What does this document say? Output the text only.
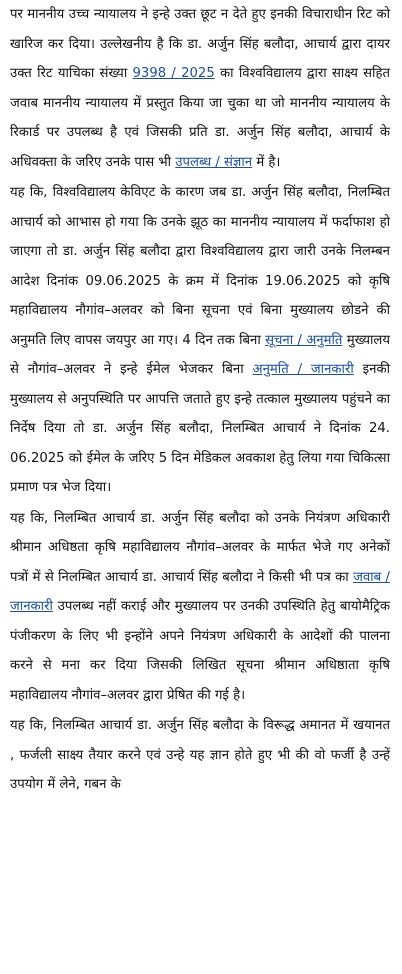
पर माननीय उच्च न्यायालय ने इन्हे उक्त छूट न देते हुए इनकी विचाराधीन रिट को खारिज कर दिया। उल्लेखनीय है कि डा. अर्जुन सिंह बलौदा, आचार्य द्वारा दायर उक्त रिट याचिका संख्या 9398 / 2025 का विश्वविद्यालय द्वारा साक्ष्य सहित जवाब माननीय न्यायालय में प्रस्तुत किया जा चुका था जो माननीय न्यायालय के रिकार्ड पर उपलब्ध है एवं जिसकी प्रति डा. अर्जुन सिंह बलौदा, आचार्य के अधिवक्ता के जरिए उनके पास भी उपलब्ध / संज्ञान में है।

यह कि, विश्वविद्यालय केविएट के कारण जब डा. अर्जुन सिंह बलौदा, निलम्बित आचार्य को आभास हो गया कि उनके झूठ का माननीय न्यायालय में फर्दाफाश हो जाएगा तो डा. अर्जुन सिंह बलौदा द्वारा विश्वविद्यालय द्वारा जारी उनके निलम्बन आदेश दिनांक 09.06.2025 के क्रम में दिनांक 19.06.2025 को कृषि महाविद्यालय नौगांव–अलवर को बिना सूचना एवं बिना मुख्यालय छोडने की अनुमति लिए वापस जयपुर आ गए। 4 दिन तक बिना सूचना / अनुमति मुख्यालय से नौगांव–अलवर ने इन्हे ईमेल भेजकर बिना अनुमति / जानकारी इनकी मुख्यालय से अनुपस्थिति पर आपत्ति जताते हुए इन्हे तत्काल मुख्यालय पहुंचने का निर्देष दिया तो डा. अर्जुन सिंह बलौदा, निलम्बित आचार्य ने दिनांक 24. 06.2025 को ईमेल के जरिए 5 दिन मेडिकल अवकाश हेतु लिया गया चिकित्सा प्रमाण पत्र भेज दिया।

यह कि, निलम्बित आचार्य डा. अर्जुन सिंह बलौदा को उनके नियंत्रण अधिकारी श्रीमान अधिष्ठता कृषि महाविद्यालय नौगांव–अलवर के मार्फत भेजे गए अनेकों पत्रों में से निलम्बित आचार्य डा. आचार्य सिंह बलौदा ने किसी भी पत्र का जवाब / जानकारी उपलब्ध नहीं कराई और मुख्यालय पर उनकी उपस्थिति हेतु बायोमैट्रिक पंजीकरण के लिए भी इन्होंने अपने नियंत्रण अधिकारी के आदेशों की पालना करने से मना कर दिया जिसकी लिखित सूचना श्रीमान अधिष्ठाता कृषि महाविद्यालय नौगांव–अलवर द्वारा प्रेषित की गई है।

यह कि, निलम्बित आचार्य डा. अर्जुन सिंह बलौदा के विरूद्ध अमानत में खयानत , फर्जली साक्ष्य तैयार करने एवं उन्हे यह ज्ञान होते हुए भी की वो फर्जी है उन्हें उपयोग में लेने, गबन के
